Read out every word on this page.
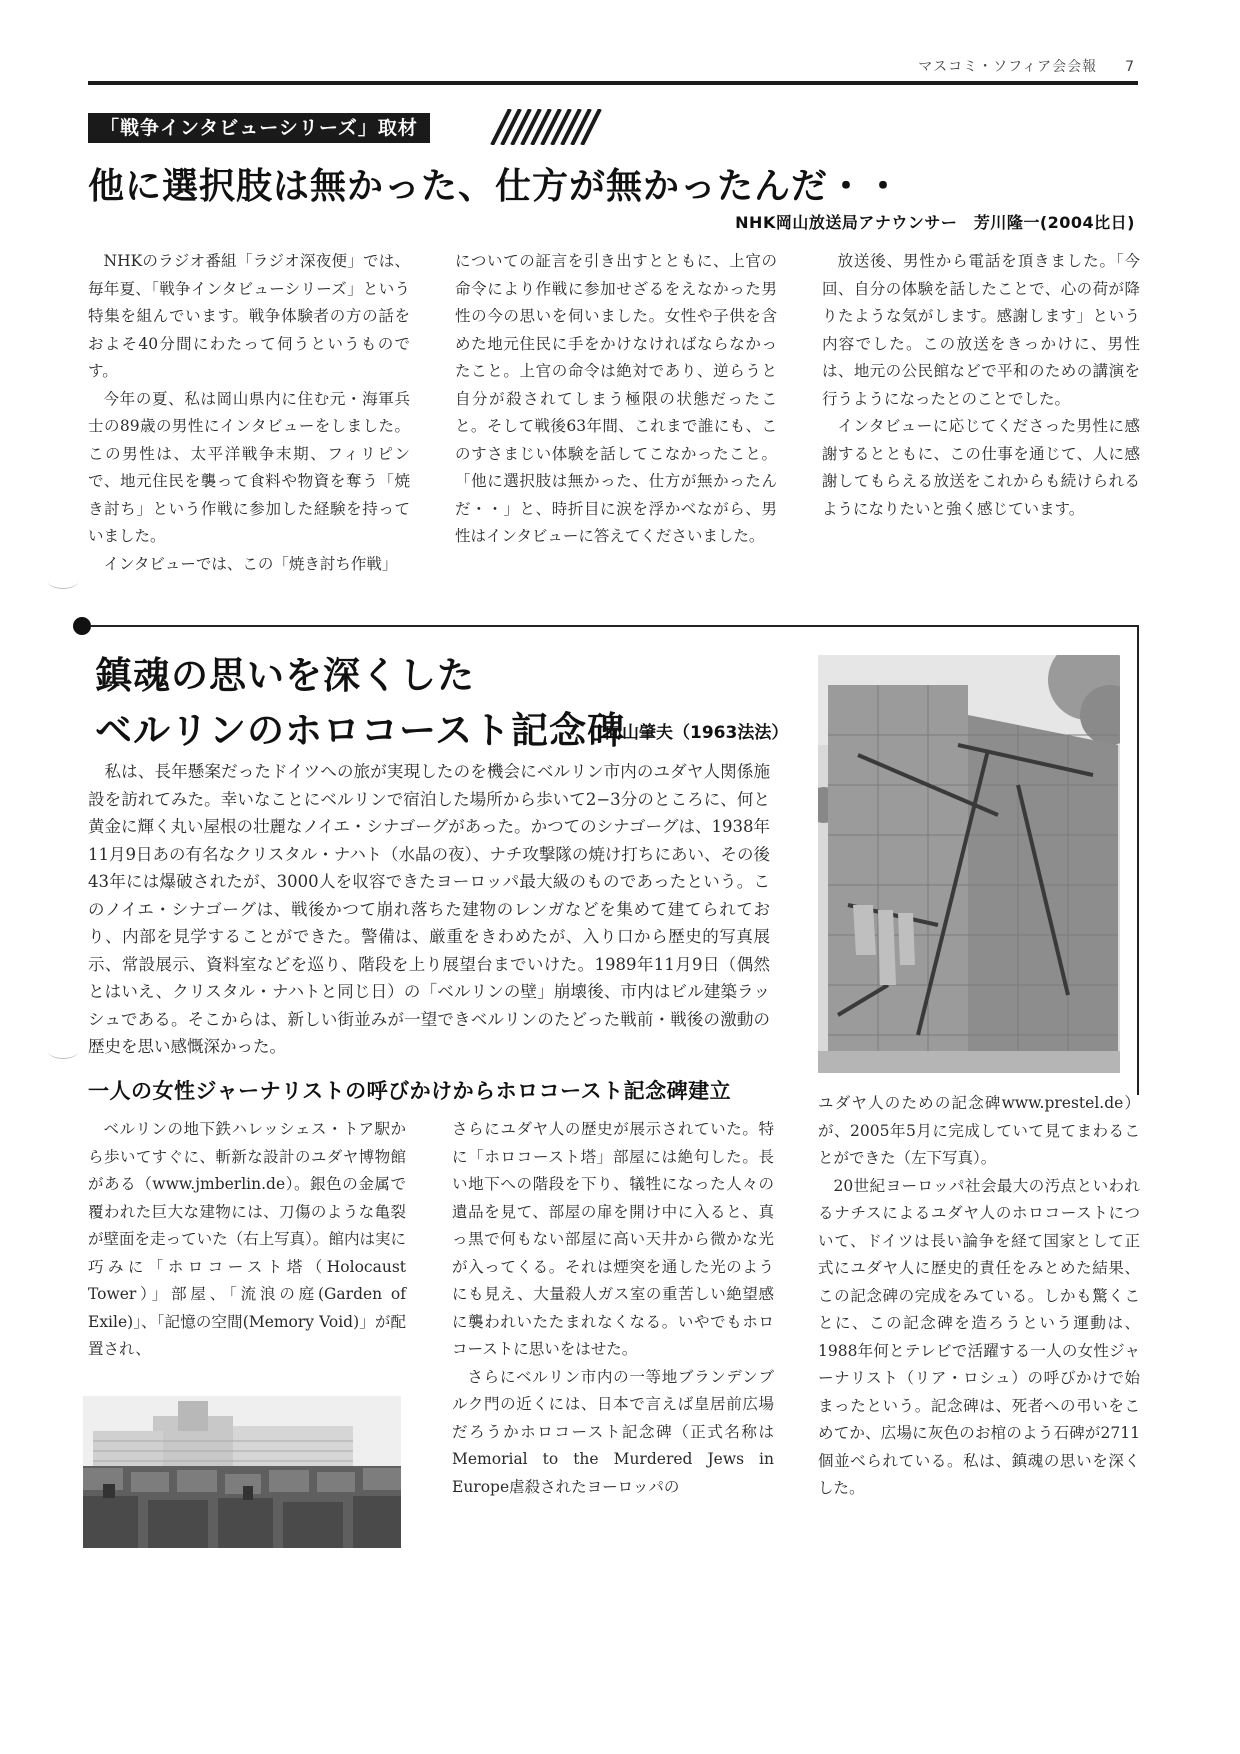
マスコミ・ソフィア会会報 7
「戦争インタビューシリーズ」取材
他に選択肢は無かった、仕方が無かったんだ・・
NHK岡山放送局アナウンサー　芳川隆一(2004比日)

NHKのラジオ番組「ラジオ深夜便」では、毎年夏、「戦争インタビューシリーズ」という特集を組んでいます。戦争体験者の方の話をおよそ40分間にわたって伺うというものです。

今年の夏、私は岡山県内に住む元・海軍兵士の89歳の男性にインタビューをしました。この男性は、太平洋戦争末期、フィリピンで、地元住民を襲って食料や物資を奪う「焼き討ち」という作戦に参加した経験を持っていました。

インタビューでは、この「焼き討ち作戦」

についての証言を引き出すとともに、上官の命令により作戦に参加せざるをえなかった男性の今の思いを伺いました。女性や子供を含めた地元住民に手をかけなければならなかったこと。上官の命令は絶対であり、逆らうと自分が殺されてしまう極限の状態だったこと。そして戦後63年間、これまで誰にも、このすさまじい体験を話してこなかったこと。「他に選択肢は無かった、仕方が無かったんだ・・」と、時折目に涙を浮かべながら、男性はインタビューに答えてくださいました。

放送後、男性から電話を頂きました。「今回、自分の体験を話したことで、心の荷が降りたような気がします。感謝します」という内容でした。この放送をきっかけに、男性は、地元の公民館などで平和のための講演を行うようになったとのことでした。

インタビューに応じてくださった男性に感謝するとともに、この仕事を通じて、人に感謝してもらえる放送をこれからも続けられるようになりたいと強く感じています。

鎮魂の思いを深くした
ベルリンのホロコースト記念碑
向山肇夫（1963法法）

私は、長年懸案だったドイツへの旅が実現したのを機会にベルリン市内のユダヤ人関係施設を訪れてみた。幸いなことにベルリンで宿泊した場所から歩いて2−3分のところに、何と黄金に輝く丸い屋根の壮麗なノイエ・シナゴーグがあった。かつてのシナゴーグは、1938年11月9日あの有名なクリスタル・ナハト（水晶の夜）、ナチ攻撃隊の焼け打ちにあい、その後43年には爆破されたが、3000人を収容できたヨーロッパ最大級のものであったという。このノイエ・シナゴーグは、戦後かつて崩れ落ちた建物のレンガなどを集めて建てられており、内部を見学することができた。警備は、厳重をきわめたが、入り口から歴史的写真展示、常設展示、資料室などを巡り、階段を上り展望台までいけた。1989年11月9日（偶然とはいえ、クリスタル・ナハトと同じ日）の「ベルリンの壁」崩壊後、市内はビル建築ラッシュである。そこからは、新しい街並みが一望できベルリンのたどった戦前・戦後の激動の歴史を思い感慨深かった。

一人の女性ジャーナリストの呼びかけからホロコースト記念碑建立

ベルリンの地下鉄ハレッシェス・トア駅から歩いてすぐに、斬新な設計のユダヤ博物館がある（www.jmberlin.de）。銀色の金属で覆われた巨大な建物には、刀傷のような亀裂が壁面を走っていた（右上写真）。館内は実に巧みに「ホロコースト塔（Holocaust Tower）」部屋、「流浪の庭(Garden of Exile)」、「記憶の空間(Memory Void)」が配置され、

さらにユダヤ人の歴史が展示されていた。特に「ホロコースト塔」部屋には絶句した。長い地下への階段を下り、犠牲になった人々の遺品を見て、部屋の扉を開け中に入ると、真っ黒で何もない部屋に高い天井から微かな光が入ってくる。それは煙突を通した光のようにも見え、大量殺人ガス室の重苦しい絶望感に襲われいたたまれなくなる。いやでもホロコーストに思いをはせた。

さらにベルリン市内の一等地ブランデンブルク門の近くには、日本で言えば皇居前広場だろうかホロコースト記念碑（正式名称はMemorial to the Murdered Jews in Europe虐殺されたヨーロッパの

ユダヤ人のための記念碑www.prestel.de）が、2005年5月に完成していて見てまわることができた（左下写真）。

20世紀ヨーロッパ社会最大の汚点といわれるナチスによるユダヤ人のホロコーストについて、ドイツは長い論争を経て国家として正式にユダヤ人に歴史的責任をみとめた結果、この記念碑の完成をみている。しかも驚くことに、この記念碑を造ろうという運動は、1988年何とテレビで活躍する一人の女性ジャーナリスト（リア・ロシュ）の呼びかけで始まったという。記念碑は、死者への弔いをこめてか、広場に灰色のお棺のよう石碑が2711個並べられている。私は、鎮魂の思いを深くした。
